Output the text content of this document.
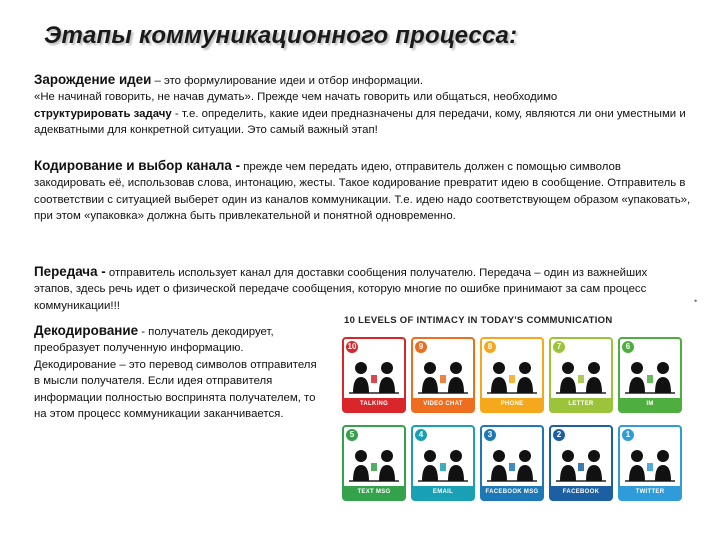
Этапы коммуникационного процесса:
Зарождение идеи – это формулирование идеи и отбор информации.
«Не начинай говорить, не начав думать». Прежде чем начать говорить или общаться, необходимо
структурировать задачу - т.е. определить, какие идеи предназначены для передачи, кому, являются ли они уместными и адекватными для конкретной ситуации. Это самый важный этап!
Кодирование и выбор канала - прежде чем передать идею, отправитель должен с помощью символов закодировать её, использовав слова, интонацию, жесты. Такое кодирование превратит идею в сообщение. Отправитель в соответствии с ситуацией выберет один из каналов коммуникации. Т.е. идею надо соответствующем образом «упаковать», при этом «упаковка» должна быть привлекательной и понятной одновременно.
Передача - отправитель использует канал для доставки сообщения получателю. Передача – один из важнейших этапов, здесь речь идет о физической передаче сообщения, которую многие по ошибке принимают за сам процесс коммуникации!!!	•
Декодирование - получатель декодирует, преобразует полученную информацию. Декодирование – это перевод символов отправителя в мысли получателя. Если идея отправителя информации полностью воспринята получателем, то на этом процесс коммуникации заканчивается.
10 LEVELS OF INTIMACY IN TODAY'S COMMUNICATION
10
TALKING
9
VIDEO CHAT
8
PHONE
7
LETTER
6
IM
5
TEXT MSG
4
EMAIL
3
FACEBOOK MSG
2
FACEBOOK STATUS
1
TWITTER
